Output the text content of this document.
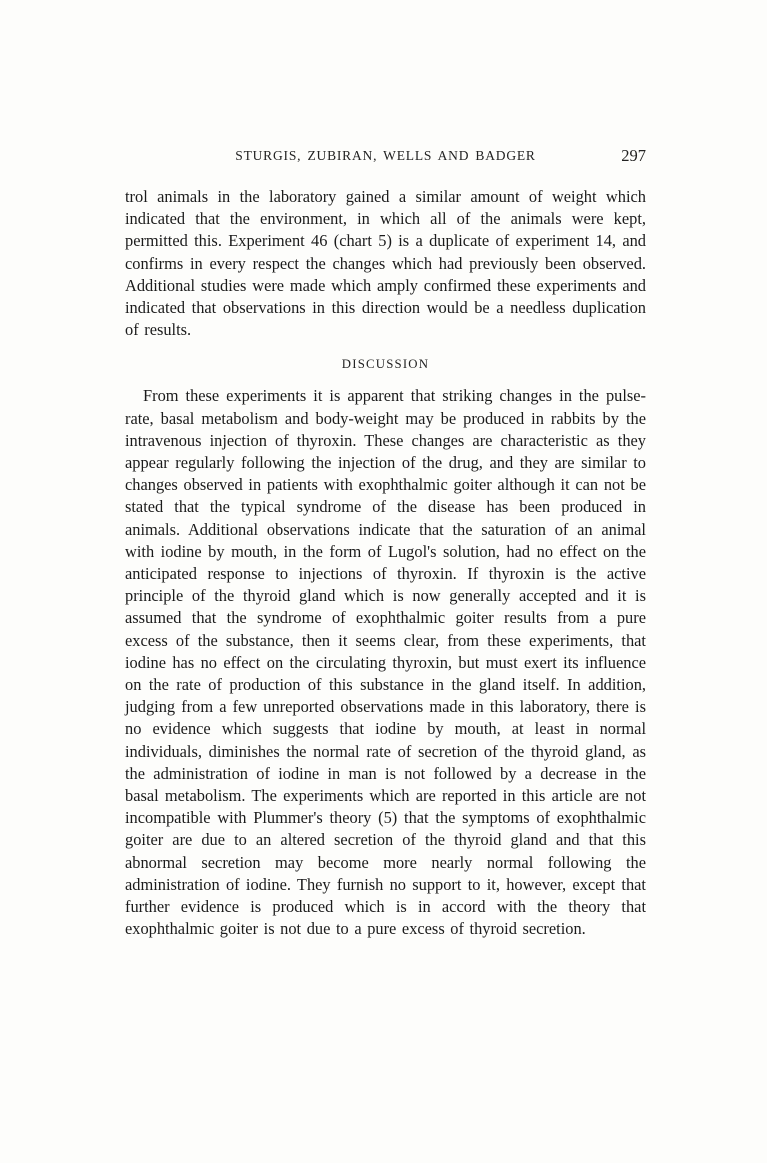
STURGIS, ZUBIRAN, WELLS AND BADGER	297

trol animals in the laboratory gained a similar amount of weight which indicated that the environment, in which all of the animals were kept, permitted this. Experiment 46 (chart 5) is a duplicate of experiment 14, and confirms in every respect the changes which had previously been observed. Additional studies were made which amply confirmed these experiments and indicated that observations in this direction would be a needless duplication of results.

DISCUSSION

From these experiments it is apparent that striking changes in the pulse-rate, basal metabolism and body-weight may be produced in rabbits by the intravenous injection of thyroxin. These changes are characteristic as they appear regularly following the injection of the drug, and they are similar to changes observed in patients with exophthalmic goiter although it can not be stated that the typical syndrome of the disease has been produced in animals. Additional observations indicate that the saturation of an animal with iodine by mouth, in the form of Lugol's solution, had no effect on the anticipated response to injections of thyroxin. If thyroxin is the active principle of the thyroid gland which is now generally accepted and it is assumed that the syndrome of exophthalmic goiter results from a pure excess of the substance, then it seems clear, from these experiments, that iodine has no effect on the circulating thyroxin, but must exert its influence on the rate of production of this substance in the gland itself. In addition, judging from a few unreported observations made in this laboratory, there is no evidence which suggests that iodine by mouth, at least in normal individuals, diminishes the normal rate of secretion of the thyroid gland, as the administration of iodine in man is not followed by a decrease in the basal metabolism. The experiments which are reported in this article are not incompatible with Plummer's theory (5) that the symptoms of exophthalmic goiter are due to an altered secretion of the thyroid gland and that this abnormal secretion may become more nearly normal following the administration of iodine. They furnish no support to it, however, except that further evidence is produced which is in accord with the theory that exophthalmic goiter is not due to a pure excess of thyroid secretion.
